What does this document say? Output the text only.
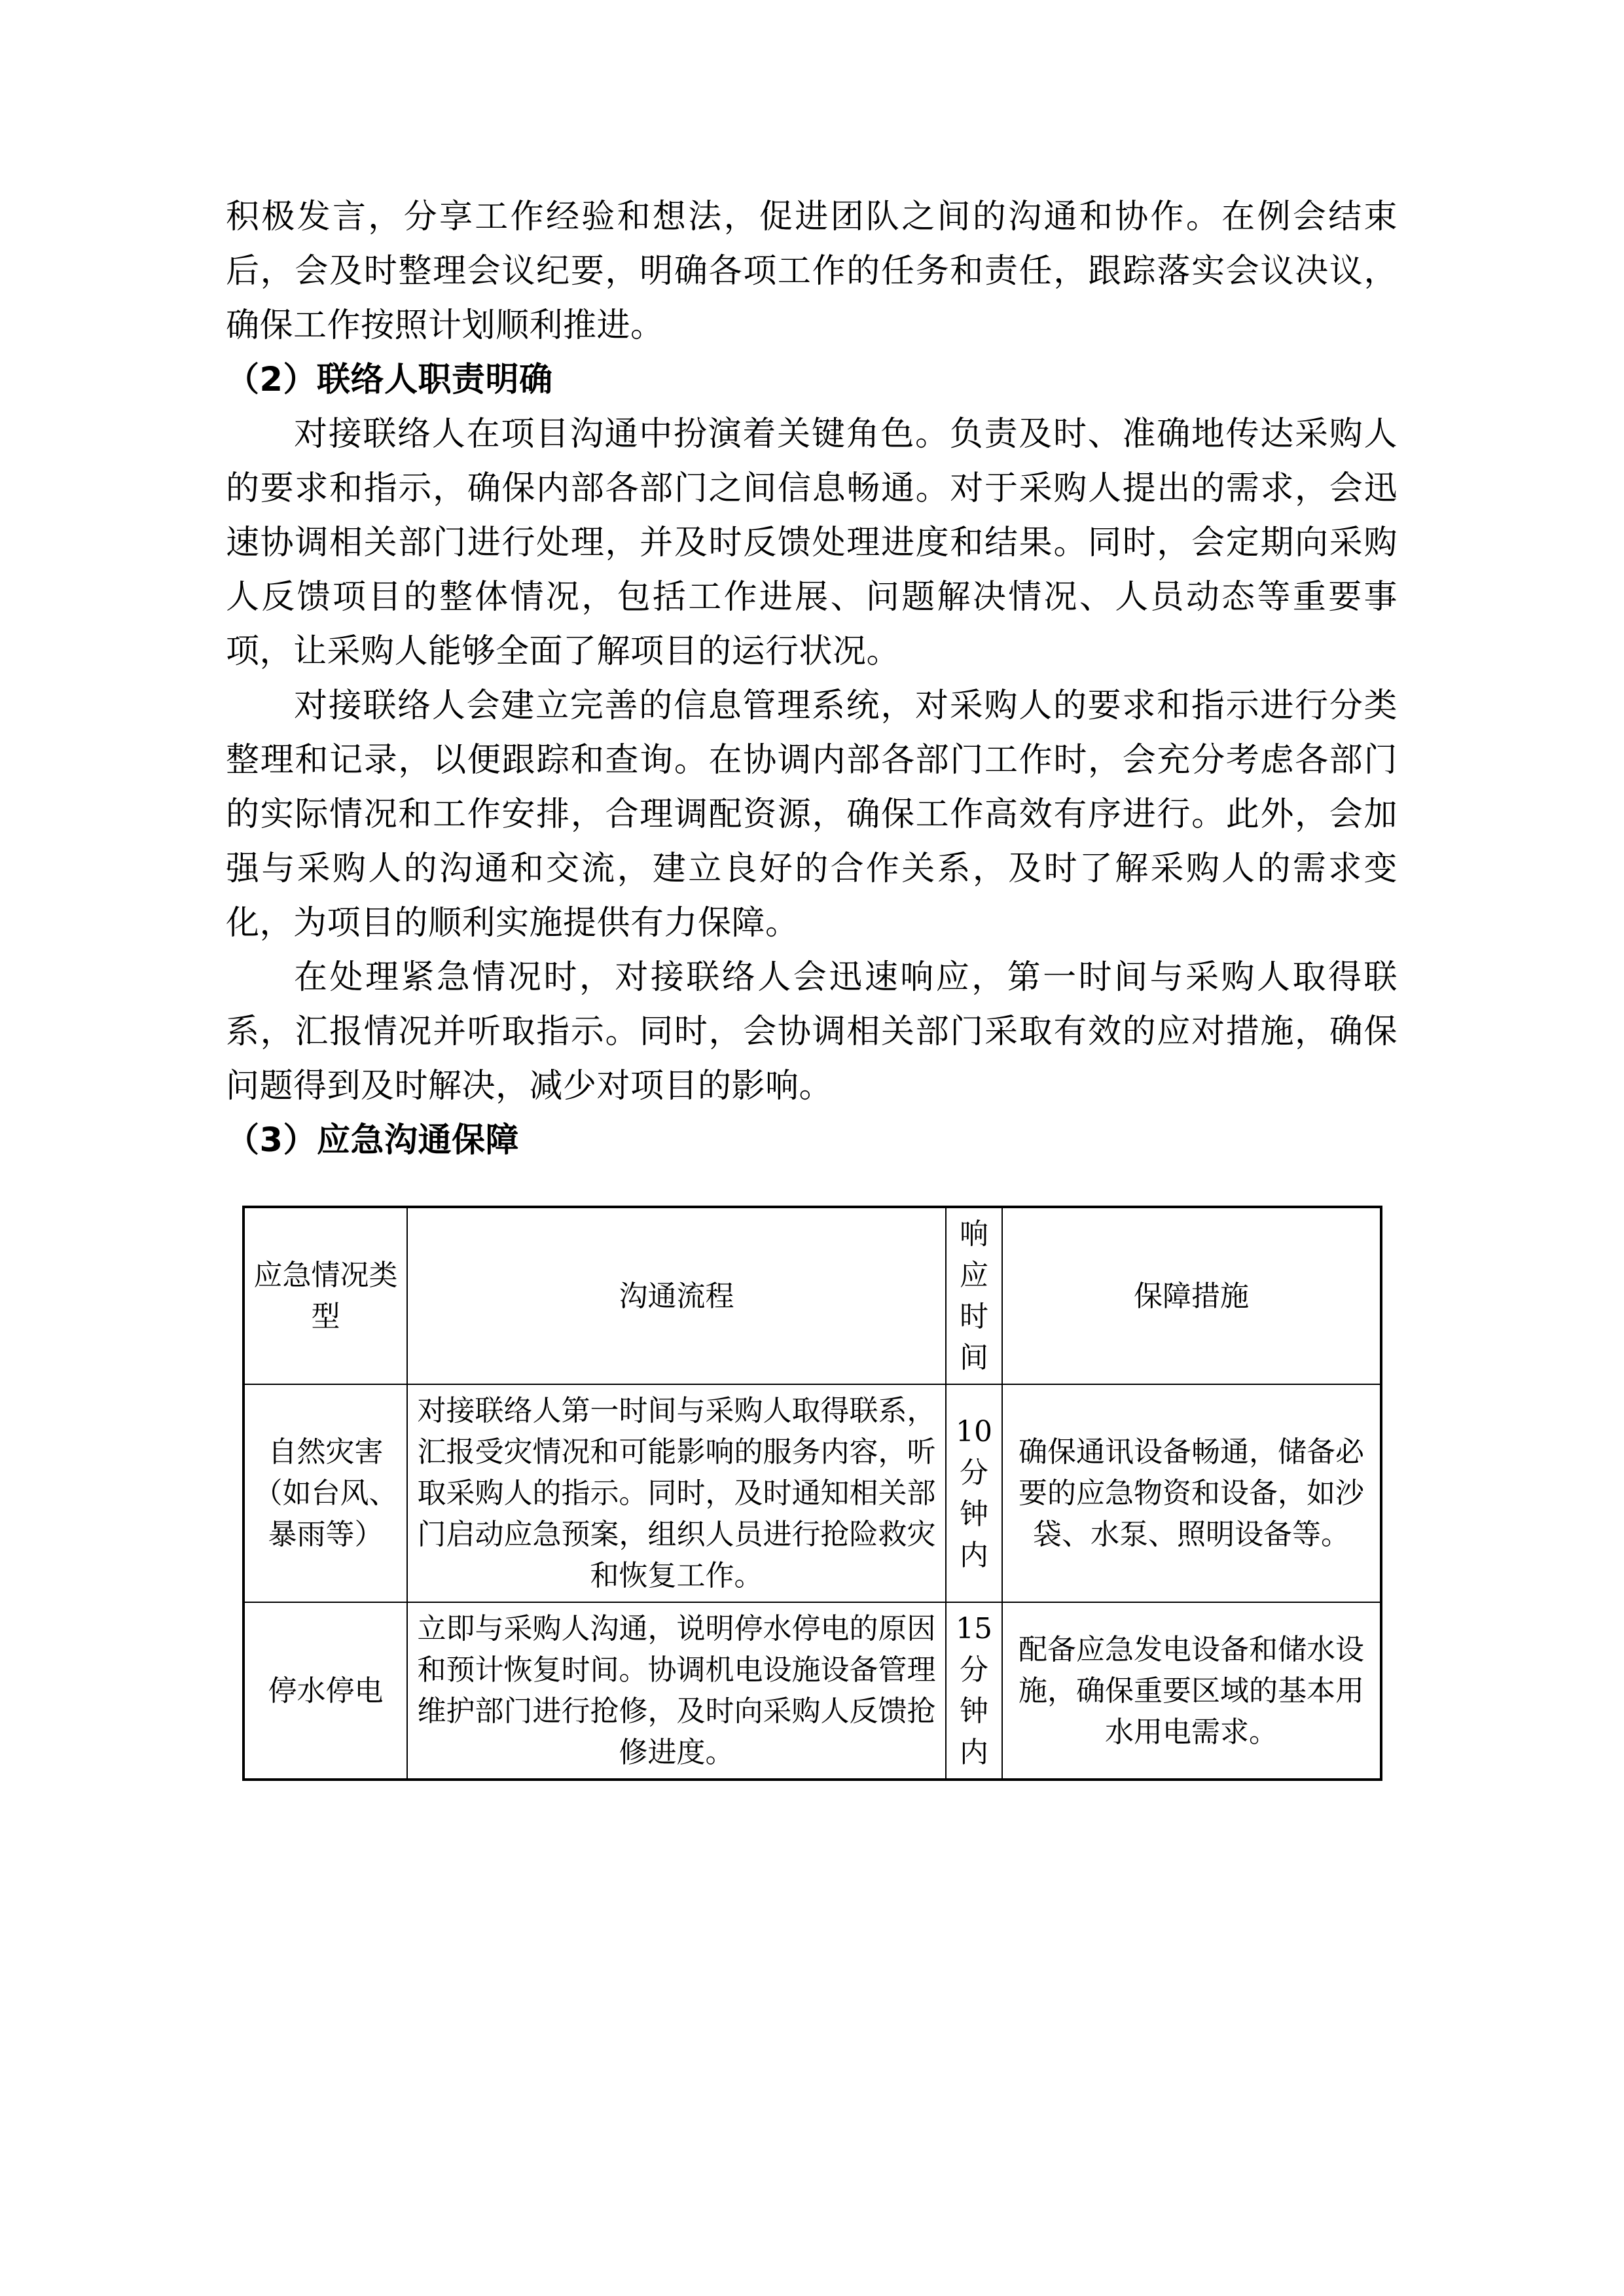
积极发言，分享工作经验和想法，促进团队之间的沟通和协作。在例会结束后，会及时整理会议纪要，明确各项工作的任务和责任，跟踪落实会议决议，确保工作按照计划顺利推进。

（2）联络人职责明确

对接联络人在项目沟通中扮演着关键角色。负责及时、准确地传达采购人的要求和指示，确保内部各部门之间信息畅通。对于采购人提出的需求，会迅速协调相关部门进行处理，并及时反馈处理进度和结果。同时，会定期向采购人反馈项目的整体情况，包括工作进展、问题解决情况、人员动态等重要事项，让采购人能够全面了解项目的运行状况。

对接联络人会建立完善的信息管理系统，对采购人的要求和指示进行分类整理和记录，以便跟踪和查询。在协调内部各部门工作时，会充分考虑各部门的实际情况和工作安排，合理调配资源，确保工作高效有序进行。此外，会加强与采购人的沟通和交流，建立良好的合作关系，及时了解采购人的需求变化，为项目的顺利实施提供有力保障。

在处理紧急情况时，对接联络人会迅速响应，第一时间与采购人取得联系，汇报情况并听取指示。同时，会协调相关部门采取有效的应对措施，确保问题得到及时解决，减少对项目的影响。

（3）应急沟通保障

应急情况类型	沟通流程	响应时间	保障措施
自然灾害（如台风、暴雨等）	对接联络人第一时间与采购人取得联系，汇报受灾情况和可能影响的服务内容，听取采购人的指示。同时，及时通知相关部门启动应急预案，组织人员进行抢险救灾和恢复工作。	10分钟内	确保通讯设备畅通，储备必要的应急物资和设备，如沙袋、水泵、照明设备等。
停水停电	立即与采购人沟通，说明停水停电的原因和预计恢复时间。协调机电设施设备管理维护部门进行抢修，及时向采购人反馈抢修进度。	15分钟内	配备应急发电设备和储水设施，确保重要区域的基本用水用电需求。
